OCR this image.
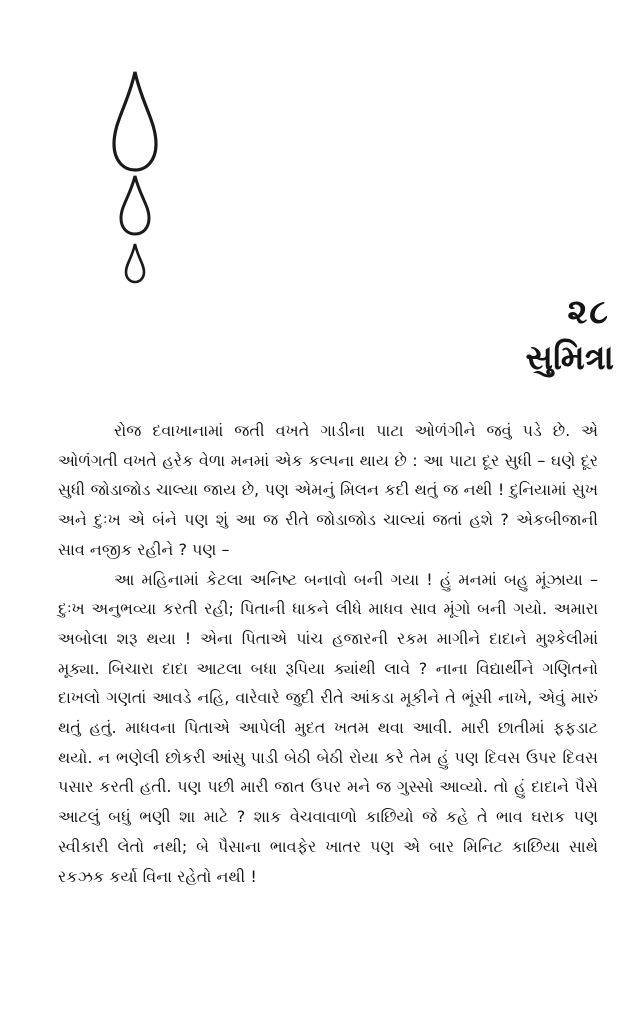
૨૮
સુમિત્રા

રોજ દવાખાનામાં જતી વખતે ગાડીના પાટા ઓળંગીને જવું પડે છે. એ ઓળંગતી વખતે હરેક વેળા મનમાં એક કલ્પના થાય છે : આ પાટા દૂર સુધી – ઘણે દૂર સુધી જોડાજોડ ચાલ્યા જાય છે, પણ એમનું મિલન કદી થતું જ નથી ! દુનિયામાં સુખ અને દુઃખ એ બંને પણ શું આ જ રીતે જોડાજોડ ચાલ્યાં જતાં હશે ? એકબીજાની સાવ નજીક રહીને ? પણ –

આ મહિનામાં કેટલા અનિષ્ટ બનાવો બની ગયા ! હું મનમાં બહુ મૂંઝાયા – દુઃખ અનુભવ્યા કરતી રહી; પિતાની ધાકને લીધે માધવ સાવ મૂંગો બની ગયો. અમારા અબોલા શરૂ થયા ! એના પિતાએ પાંચ હજારની રકમ માગીને દાદાને મુશ્કેલીમાં મૂક્યા. બિચારા દાદા આટલા બધા રૂપિયા ક્યાંથી લાવે ? નાના વિદ્યાર્થીને ગણિતનો દાખલો ગણતાં આવડે નહિ, વારેવારે જુદી રીતે આંકડા મૂકીને તે ભૂંસી નાખે, એવું મારું થતું હતું. માધવના પિતાએ આપેલી મુદત ખતમ થવા આવી. મારી છાતીમાં ફફડાટ થયો. ન ભણેલી છોકરી આંસુ પાડી બેઠી બેઠી રોયા કરે તેમ હું પણ દિવસ ઉપર દિવસ પસાર કરતી હતી. પણ પછી મારી જાત ઉપર મને જ ગુસ્સો આવ્યો. તો હું દાદાને પૈસે આટલું બધું ભણી શા માટે ? શાક વેચવાવાળો કાછિયો જે કહે તે ભાવ ઘરાક પણ સ્વીકારી લેતો નથી; બે પૈસાના ભાવફેર ખાતર પણ એ બાર મિનિટ કાછિયા સાથે રકઝક કર્યા વિના રહેતો નથી !
